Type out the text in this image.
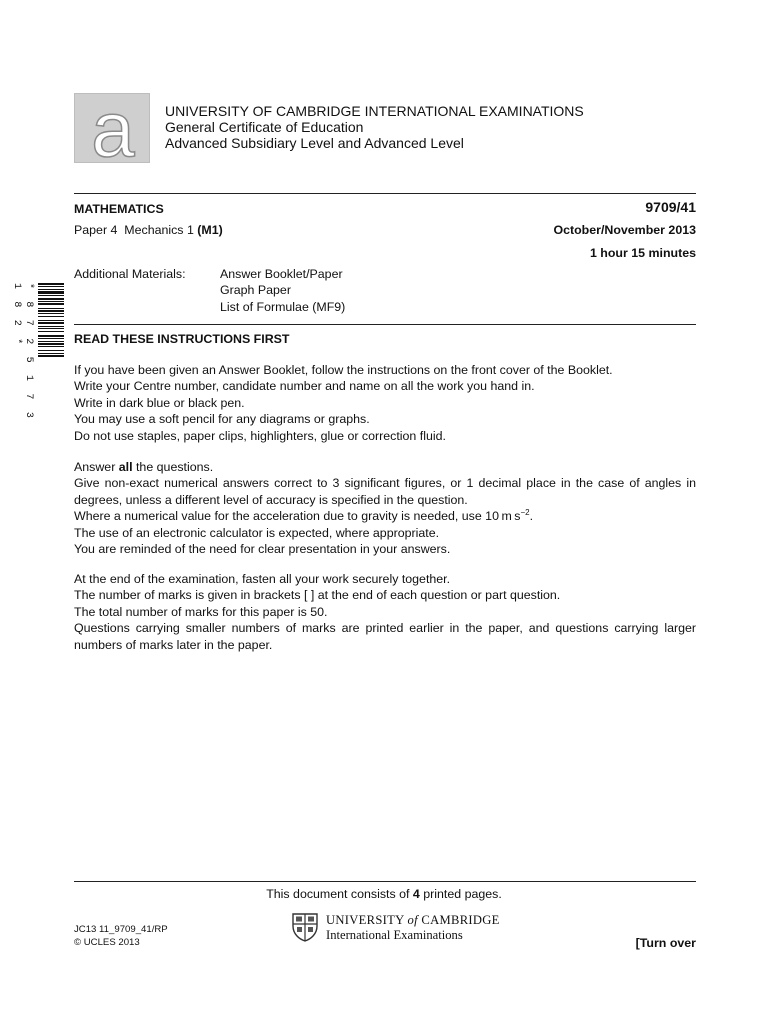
a UNIVERSITY OF CAMBRIDGE INTERNATIONAL EXAMINATIONS
General Certificate of Education
Advanced Subsidiary Level and Advanced Level
MATHEMATICS	9709/41
Paper 4  Mechanics 1 (M1)	October/November 2013
1 hour 15 minutes
Additional Materials:	Answer Booklet/Paper
Graph Paper
List of Formulae (MF9)
* 8 7 2 5 1 7 3 1 8 2 *	READ THESE INSTRUCTIONS FIRST
If you have been given an Answer Booklet, follow the instructions on the front cover of the Booklet.
Write your Centre number, candidate number and name on all the work you hand in.
Write in dark blue or black pen.
You may use a soft pencil for any diagrams or graphs.
Do not use staples, paper clips, highlighters, glue or correction fluid.
Answer all the questions.
Give non-exact numerical answers correct to 3 significant figures, or 1 decimal place in the case of angles in degrees, unless a different level of accuracy is specified in the question.
Where a numerical value for the acceleration due to gravity is needed, use 10 m $s^{-2}$.
The use of an electronic calculator is expected, where appropriate.
You are reminded of the need for clear presentation in your answers.
At the end of the examination, fasten all your work securely together.
The number of marks is given in brackets [ ] at the end of each question or part question.
The total number of marks for this paper is 50.
Questions carrying smaller numbers of marks are printed earlier in the paper, and questions carrying larger numbers of marks later in the paper.
This document consists of 4 printed pages.
JC13 11_9709_41/RP
© UCLES 2013
UNIVERSITY of CAMBRIDGE
International Examinations
[Turn over
